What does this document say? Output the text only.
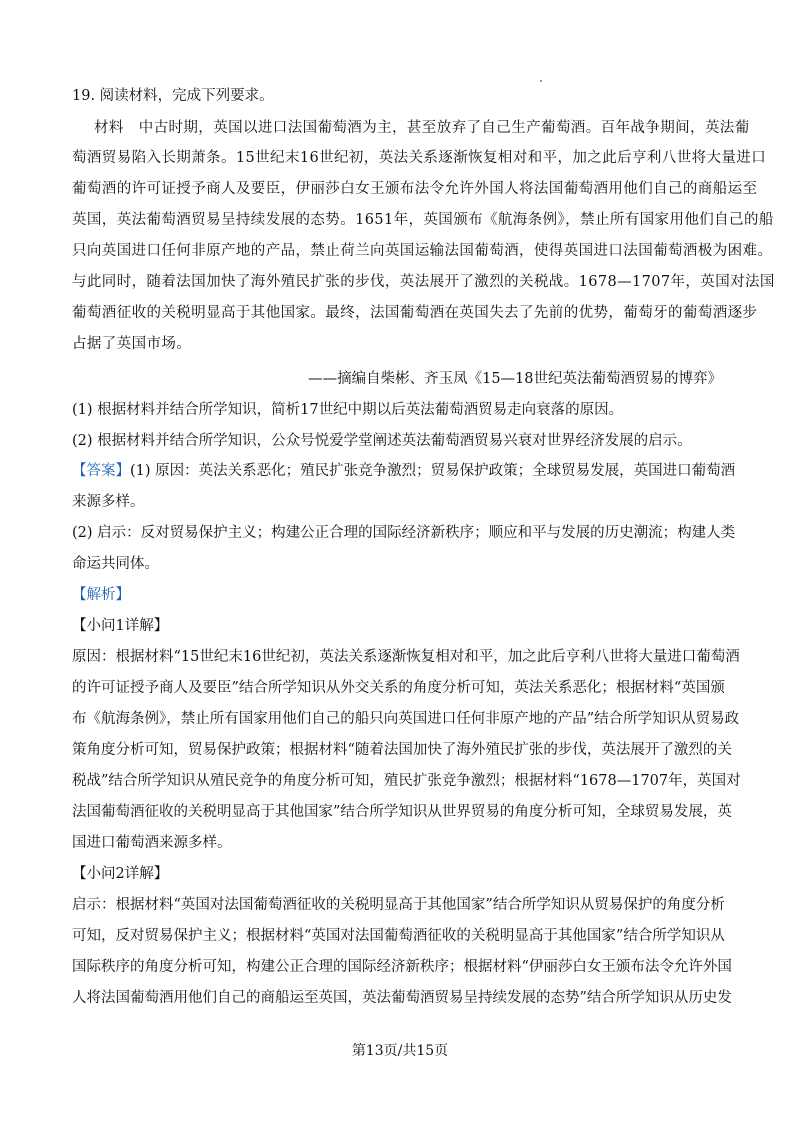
19. 阅读材料，完成下列要求。
材料　中古时期，英国以进口法国葡萄酒为主，甚至放弃了自己生产葡萄酒。百年战争期间，英法葡
萄酒贸易陷入长期萧条。15世纪末16世纪初，英法关系逐渐恢复相对和平，加之此后亨利八世将大量进口
葡萄酒的许可证授予商人及要臣，伊丽莎白女王颁布法令允许外国人将法国葡萄酒用他们自己的商船运至
英国，英法葡萄酒贸易呈持续发展的态势。1651年，英国颁布《航海条例》，禁止所有国家用他们自己的船
只向英国进口任何非原产地的产品，禁止荷兰向英国运输法国葡萄酒，使得英国进口法国葡萄酒极为困难。
与此同时，随着法国加快了海外殖民扩张的步伐，英法展开了激烈的关税战。1678—1707年，英国对法国
葡萄酒征收的关税明显高于其他国家。最终，法国葡萄酒在英国失去了先前的优势，葡萄牙的葡萄酒逐步
占据了英国市场。
——摘编自柴彬、齐玉凤《15—18世纪英法葡萄酒贸易的博弈》
(1) 根据材料并结合所学知识，简析17世纪中期以后英法葡萄酒贸易走向衰落的原因。
(2) 根据材料并结合所学知识，公众号悦爱学堂阐述英法葡萄酒贸易兴衰对世界经济发展的启示。
【答案】(1) 原因：英法关系恶化；殖民扩张竞争激烈；贸易保护政策；全球贸易发展，英国进口葡萄酒
来源多样。
(2) 启示：反对贸易保护主义；构建公正合理的国际经济新秩序；顺应和平与发展的历史潮流；构建人类
命运共同体。
【解析】
【小问1详解】
原因：根据材料“15世纪末16世纪初，英法关系逐渐恢复相对和平，加之此后亨利八世将大量进口葡萄酒
的许可证授予商人及要臣”结合所学知识从外交关系的角度分析可知，英法关系恶化；根据材料“英国颁
布《航海条例》，禁止所有国家用他们自己的船只向英国进口任何非原产地的产品”结合所学知识从贸易政
策角度分析可知，贸易保护政策；根据材料“随着法国加快了海外殖民扩张的步伐，英法展开了激烈的关
税战”结合所学知识从殖民竞争的角度分析可知，殖民扩张竞争激烈；根据材料“1678—1707年，英国对
法国葡萄酒征收的关税明显高于其他国家”结合所学知识从世界贸易的角度分析可知，全球贸易发展，英
国进口葡萄酒来源多样。
【小问2详解】
启示：根据材料“英国对法国葡萄酒征收的关税明显高于其他国家”结合所学知识从贸易保护的角度分析
可知，反对贸易保护主义；根据材料“英国对法国葡萄酒征收的关税明显高于其他国家”结合所学知识从
国际秩序的角度分析可知，构建公正合理的国际经济新秩序；根据材料“伊丽莎白女王颁布法令允许外国
人将法国葡萄酒用他们自己的商船运至英国，英法葡萄酒贸易呈持续发展的态势”结合所学知识从历史发
第13页/共15页
